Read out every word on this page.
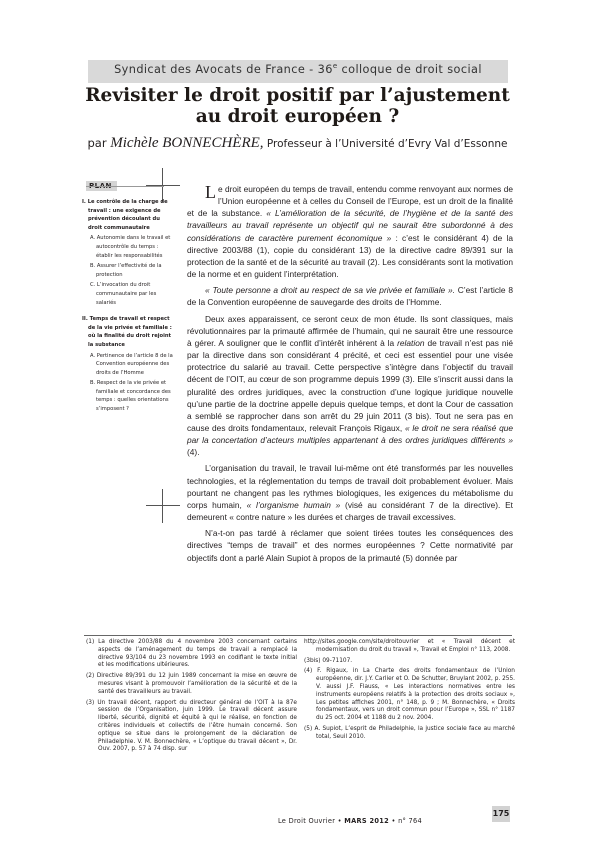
Syndicat des Avocats de France - 36e colloque de droit social
Revisiter le droit positif par l’ajustement
au droit européen ?
par Michèle BONNECHÈRE, Professeur à l’Université d’Evry Val d’Essonne
PLAN
I. Le contrôle de la charge de travail : une exigence de prévention découlant du droit communautaire
A. Autonomie dans le travail et autocontrôle du temps : établir les responsabilités
B. Assurer l’effectivité de la protection
C. L’invocation du droit communautaire par les salariés
II. Temps de travail et respect de la vie privée et familiale : où la finalité du droit rejoint la substance
A. Pertinence de l’article 8 de la Convention européenne des droits de l’Homme
B. Respect de la vie privée et familiale et concordance des temps : quelles orientations s’imposent ?

Le droit européen du temps de travail, entendu comme renvoyant aux normes de l’Union européenne et à celles du Conseil de l’Europe, est un droit de la finalité et de la substance. « L’amélioration de la sécurité, de l’hygiène et de la santé des travailleurs au travail représente un objectif qui ne saurait être subordonné à des considérations de caractère purement économique » : c’est le considérant 4) de la directive 2003/88 (1), copie du considérant 13) de la directive cadre 89/391 sur la protection de la santé et de la sécurité au travail (2). Les considérants sont la motivation de la norme et en guident l’interprétation.

« Toute personne a droit au respect de sa vie privée et familiale ». C’est l’article 8 de la Convention européenne de sauvegarde des droits de l’Homme.

Deux axes apparaissent, ce seront ceux de mon étude. Ils sont classiques, mais révolutionnaires par la primauté affirmée de l’humain, qui ne saurait être une ressource à gérer. A souligner que le conflit d’intérêt inhérent à la relation de travail n’est pas nié par la directive dans son considérant 4 précité, et ceci est essentiel pour une visée protectrice du salarié au travail. Cette perspective s’intègre dans l’objectif du travail décent de l’OIT, au cœur de son programme depuis 1999 (3). Elle s’inscrit aussi dans la pluralité des ordres juridiques, avec la construction d’une logique juridique nouvelle qu’une partie de la doctrine appelle depuis quelque temps, et dont la Cour de cassation a semblé se rapprocher dans son arrêt du 29 juin 2011 (3 bis). Tout ne sera pas en cause des droits fondamentaux, relevait François Rigaux, « le droit ne sera réalisé que par la concertation d’acteurs multiples appartenant à des ordres juridiques différents » (4).

L’organisation du travail, le travail lui-même ont été transformés par les nouvelles technologies, et la réglementation du temps de travail doit probablement évoluer. Mais pourtant ne changent pas les rythmes biologiques, les exigences du métabolisme du corps humain, « l’organisme humain » (visé au considérant 7 de la directive). Et demeurent « contre nature » les durées et charges de travail excessives.

N’a-t-on pas tardé à réclamer que soient tirées toutes les conséquences des directives “temps de travail” et des normes européennes ? Cette normativité par objectifs dont a parlé Alain Supiot à propos de la primauté (5) donnée par

(1) La directive 2003/88 du 4 novembre 2003 concernant certains aspects de l’aménagement du temps de travail a remplacé la directive 93/104 du 23 novembre 1993 en codifiant le texte initial et les modifications ultérieures.

(2) Directive 89/391 du 12 juin 1989 concernant la mise en œuvre de mesures visant à promouvoir l’amélioration de la sécurité et de la santé des travailleurs au travail.

(3) Un travail décent, rapport du directeur général de l’OIT à la 87e session de l’Organisation, juin 1999. Le travail décent assure liberté, sécurité, dignité et équité à qui le réalise, en fonction de critères individuels et collectifs de l’être humain concerné. Son optique se situe dans le prolongement de la déclaration de Philadelphie. V. M. Bonnechère, « L’optique du travail décent », Dr. Ouv. 2007, p. 57 à 74 disp. sur

http://sites.google.com/site/droitouvrier et « Travail décent et modernisation du droit du travail », Travail et Emploi n° 113, 2008.

(3bis) 09-71107.

(4) F. Rigaux, in La Charte des droits fondamentaux de l’Union européenne, dir. J.Y. Carlier et O. De Schutter, Bruylant 2002, p. 255. V. aussi J.F. Flauss, « Les interactions normatives entre les instruments européens relatifs à la protection des droits sociaux », Les petites affiches 2001, n° 148, p. 9 ; M. Bonnechère, « Droits fondamentaux, vers un droit commun pour l’Europe », SSL n° 1187 du 25 oct. 2004 et 1188 du 2 nov. 2004.

(5) A. Supiot, L’esprit de Philadelphie, la justice sociale face au marché total, Seuil 2010.

Le Droit Ouvrier • MARS 2012 • n° 764
175
